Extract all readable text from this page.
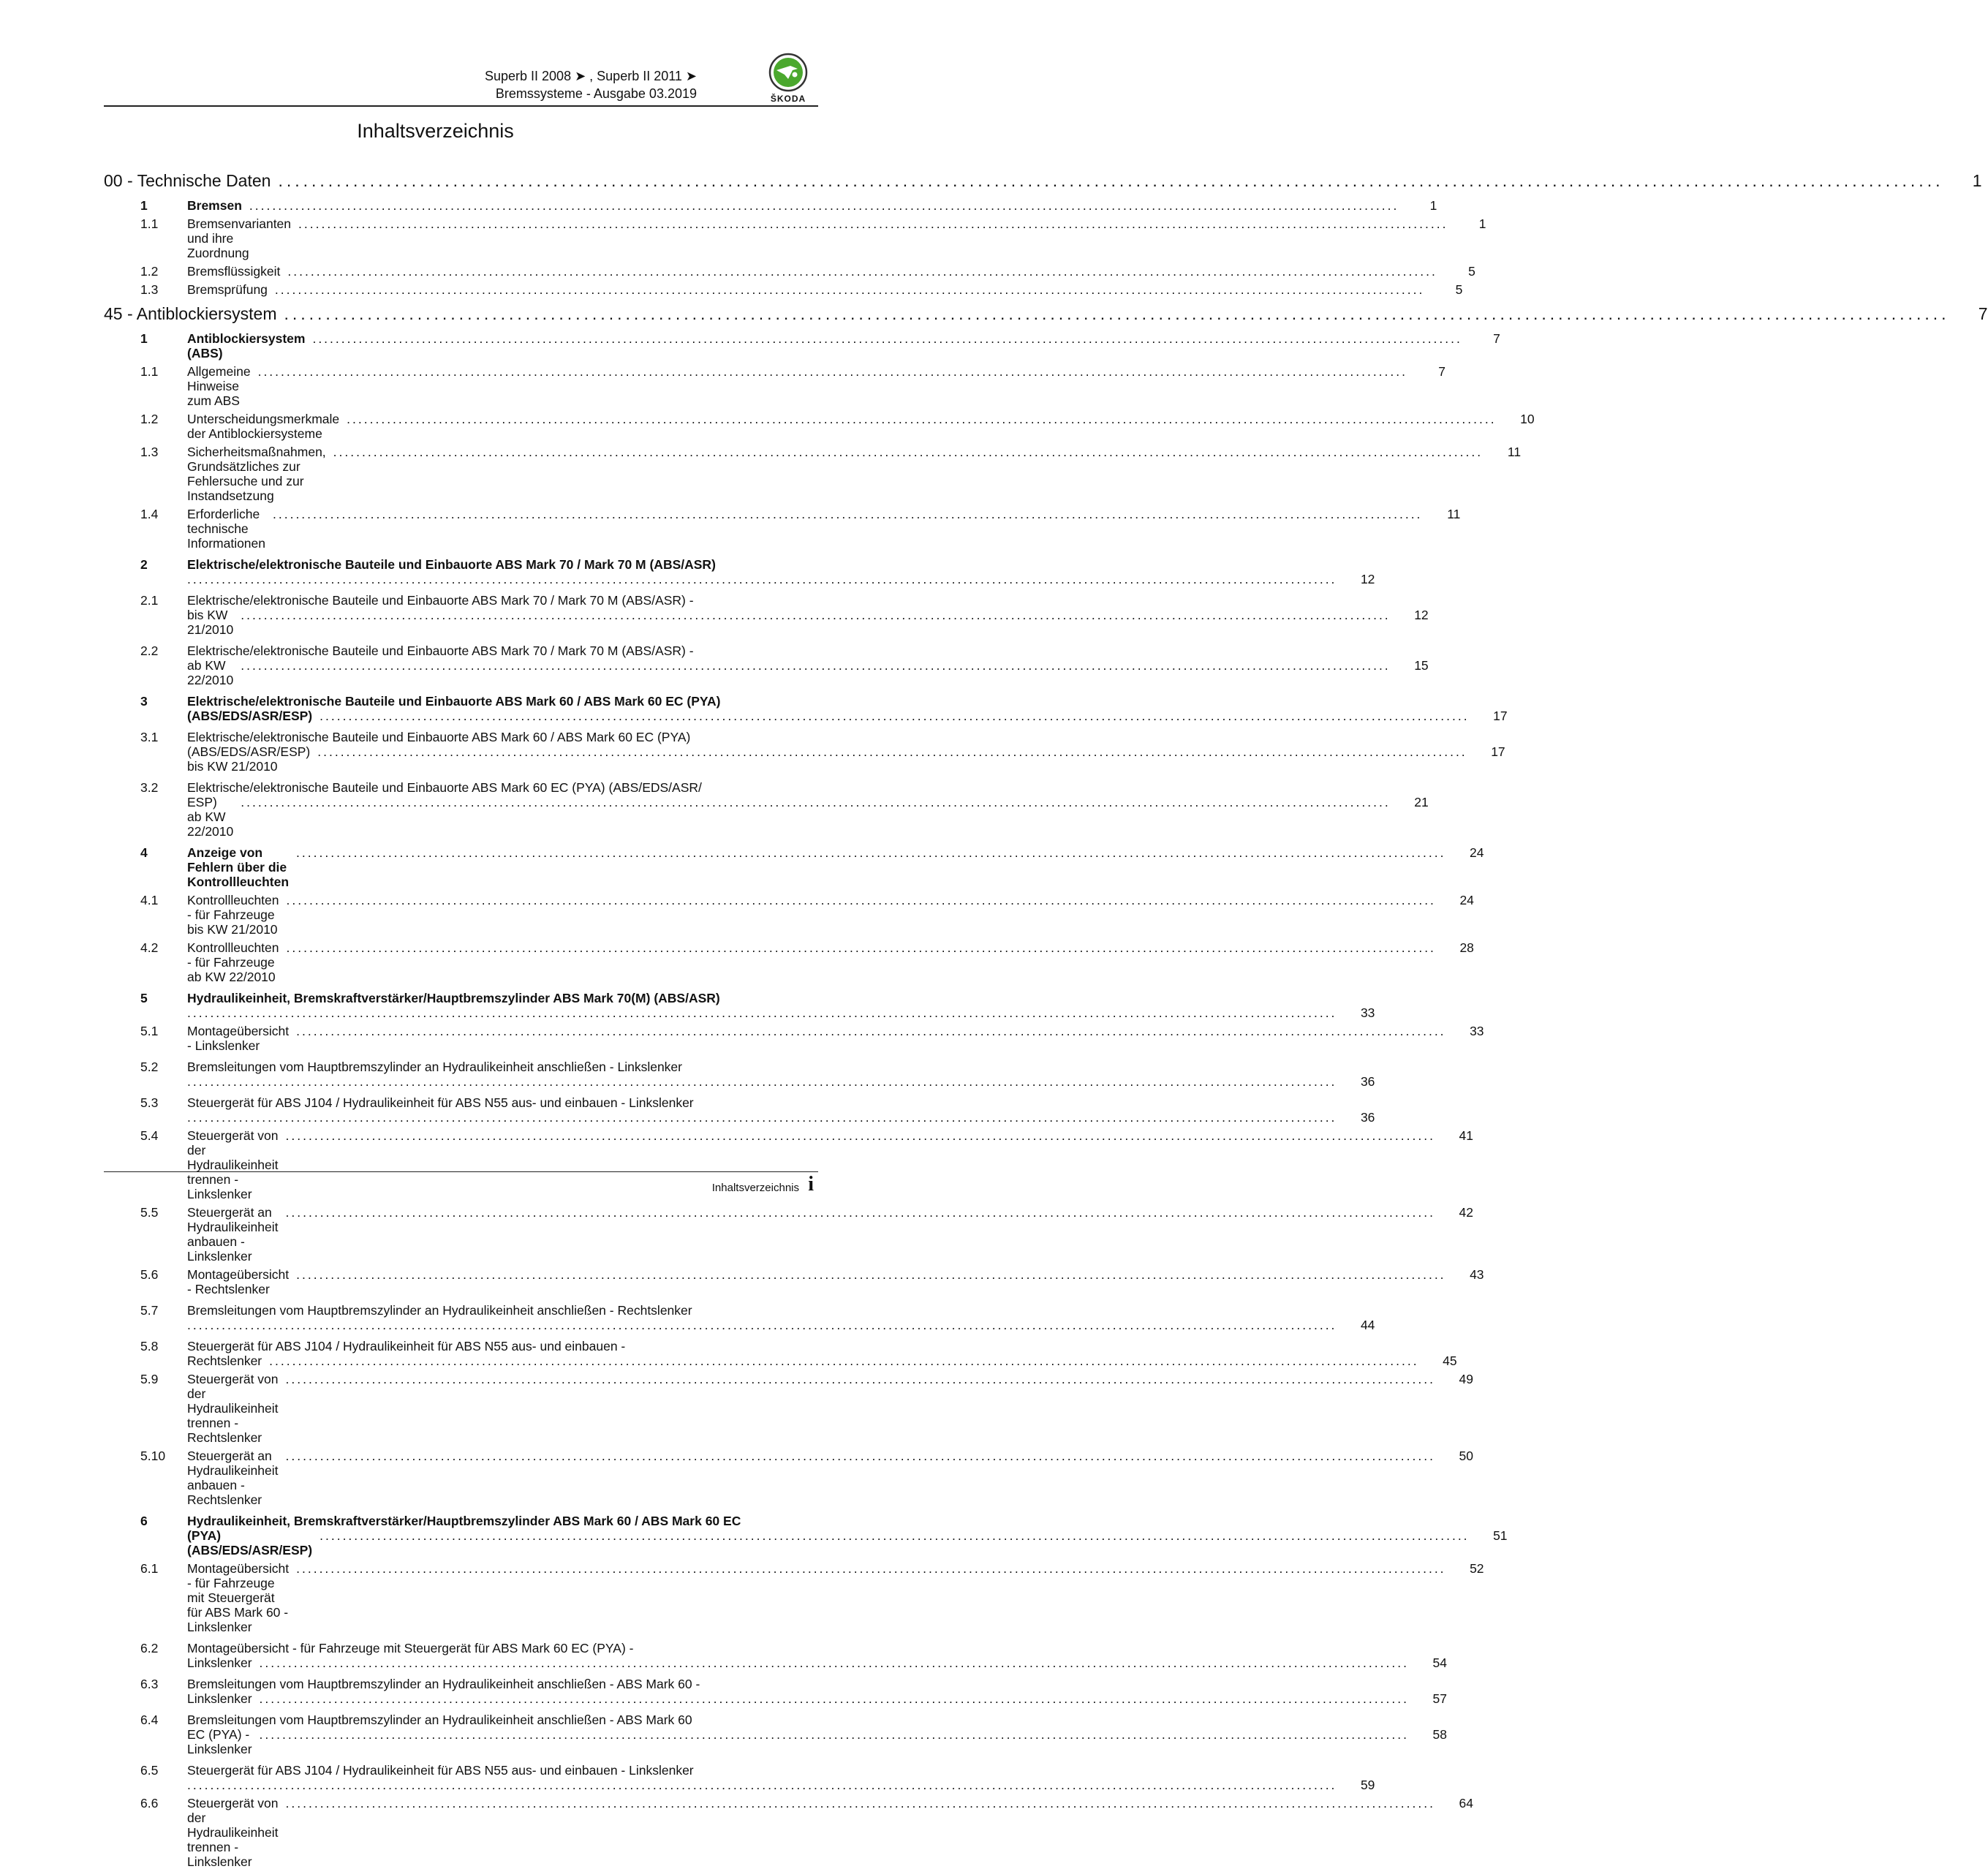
Superb II 2008 ➤ , Superb II 2011 ➤
Bremssysteme - Ausgabe 03.2019	ŠKODA
Inhaltsverzeichnis
00 - Technische Daten ........................................................................................................................................................................................................	1
1	Bremsen ........................................................................................................................................................................................................	1
1.1	Bremsenvarianten und ihre Zuordnung
........................................................................................................................................................................................................	1
1.2	Bremsflüssigkeit ........................................................................................................................................................................................................	5
1.3	Bremsprüfung ........................................................................................................................................................................................................	5
45 - Antiblockiersystem ........................................................................................................................................................................................................	7
1	Antiblockiersystem (ABS)
........................................................................................................................................................................................................	7
1.1	Allgemeine Hinweise zum ABS
........................................................................................................................................................................................................	7
1.2	Unterscheidungsmerkmale der Antiblockiersysteme
........................................................................................................................................................................................................	10
1.3	Sicherheitsmaßnahmen, Grundsätzliches zur Fehlersuche und zur Instandsetzung
........................................................................................................................................................................................................	11
1.4	Erforderliche technische Informationen
........................................................................................................................................................................................................	11
2	Elektrische/elektronische Bauteile und Einbauorte ABS Mark 70 / Mark 70 M (ABS/ASR)
........................................................................................................................................................................................................	12
2.1	Elektrische/elektronische Bauteile und Einbauorte ABS Mark 70 / Mark 70 M (ABS/ASR) -
bis KW 21/2010
........................................................................................................................................................................................................	12
2.2	Elektrische/elektronische Bauteile und Einbauorte ABS Mark 70 / Mark 70 M (ABS/ASR) -
ab KW 22/2010
........................................................................................................................................................................................................	15
3	Elektrische/elektronische Bauteile und Einbauorte ABS Mark 60 / ABS Mark 60 EC (PYA)
(ABS/EDS/ASR/ESP) ........................................................................................................................................................................................................	17
3.1	Elektrische/elektronische Bauteile und Einbauorte ABS Mark 60 / ABS Mark 60 EC (PYA)
(ABS/EDS/ASR/ESP) bis KW 21/2010
........................................................................................................................................................................................................	17
3.2	Elektrische/elektronische Bauteile und Einbauorte ABS Mark 60 EC (PYA) (ABS/EDS/ASR/
ESP) ab KW 22/2010
........................................................................................................................................................................................................	21
4	Anzeige von Fehlern über die Kontrollleuchten
........................................................................................................................................................................................................	24
4.1	Kontrollleuchten - für Fahrzeuge bis KW 21/2010
........................................................................................................................................................................................................	24
4.2	Kontrollleuchten - für Fahrzeuge ab KW 22/2010
........................................................................................................................................................................................................	28
5	Hydraulikeinheit, Bremskraftverstärker/Hauptbremszylinder ABS Mark 70(M) (ABS/ASR)
........................................................................................................................................................................................................	33
5.1	Montageübersicht - Linkslenker
........................................................................................................................................................................................................	33
5.2	Bremsleitungen vom Hauptbremszylinder an Hydraulikeinheit anschließen - Linkslenker
........................................................................................................................................................................................................	36
5.3	Steuergerät für ABS J104 / Hydraulikeinheit für ABS N55 aus- und einbauen - Linkslenker
........................................................................................................................................................................................................	36
5.4	Steuergerät von der Hydraulikeinheit trennen - Linkslenker
........................................................................................................................................................................................................	41
5.5	Steuergerät an Hydraulikeinheit anbauen - Linkslenker
........................................................................................................................................................................................................	42
5.6	Montageübersicht - Rechtslenker
........................................................................................................................................................................................................	43
5.7	Bremsleitungen vom Hauptbremszylinder an Hydraulikeinheit anschließen - Rechtslenker
........................................................................................................................................................................................................	44
5.8	Steuergerät für ABS J104 / Hydraulikeinheit für ABS N55 aus- und einbauen -
Rechtslenker ........................................................................................................................................................................................................	45
5.9	Steuergerät von der Hydraulikeinheit trennen - Rechtslenker
........................................................................................................................................................................................................	49
5.10	Steuergerät an Hydraulikeinheit anbauen - Rechtslenker
........................................................................................................................................................................................................	50
6	Hydraulikeinheit, Bremskraftverstärker/Hauptbremszylinder ABS Mark 60 / ABS Mark 60 EC
(PYA) (ABS/EDS/ASR/ESP)
........................................................................................................................................................................................................	51
6.1	Montageübersicht - für Fahrzeuge mit Steuergerät für ABS Mark 60 - Linkslenker
........................................................................................................................................................................................................	52
6.2	Montageübersicht - für Fahrzeuge mit Steuergerät für ABS Mark 60 EC (PYA) -
Linkslenker ........................................................................................................................................................................................................	54
6.3	Bremsleitungen vom Hauptbremszylinder an Hydraulikeinheit anschließen - ABS Mark 60 -
Linkslenker ........................................................................................................................................................................................................	57
6.4	Bremsleitungen vom Hauptbremszylinder an Hydraulikeinheit anschließen - ABS Mark 60
EC (PYA) - Linkslenker
........................................................................................................................................................................................................	58
6.5	Steuergerät für ABS J104 / Hydraulikeinheit für ABS N55 aus- und einbauen - Linkslenker
........................................................................................................................................................................................................	59
6.6	Steuergerät von der Hydraulikeinheit trennen - Linkslenker
........................................................................................................................................................................................................	64
Inhaltsverzeichnis i
